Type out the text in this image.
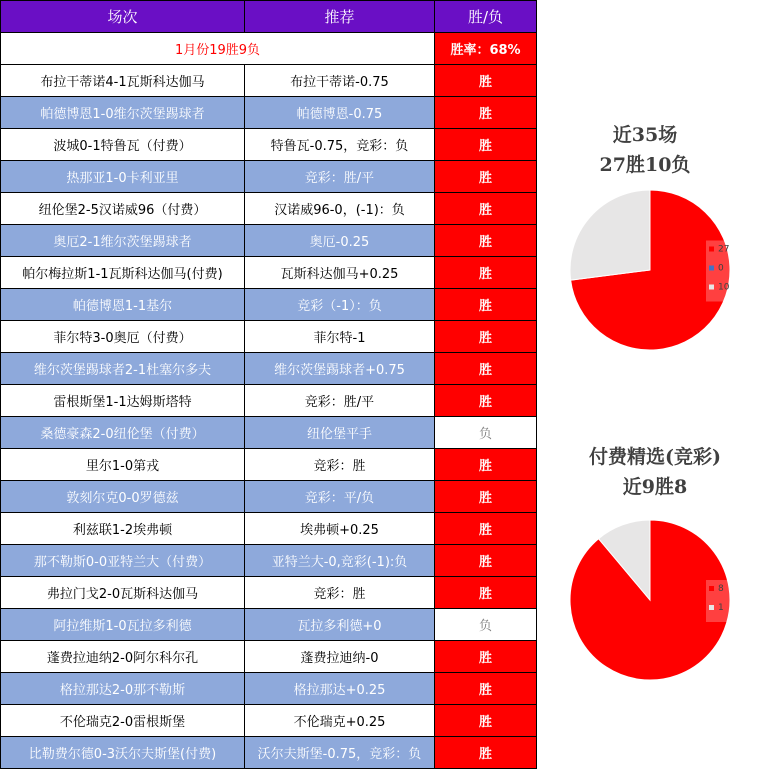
场次	推荐	胜/负
1月份19胜9负		胜率：68%
布拉干蒂诺4-1瓦斯科达伽马	布拉干蒂诺-0.75	胜
帕德博恩1-0维尔茨堡踢球者	帕德博恩-0.75	胜
波城0-1特鲁瓦（付费）	特鲁瓦-0.75，竞彩：负	胜
热那亚1-0卡利亚里	竞彩：胜/平	胜
纽伦堡2-5汉诺威96（付费）	汉诺威96-0，(-1)：负	胜
奥厄2-1维尔茨堡踢球者	奥厄-0.25	胜
帕尔梅拉斯1-1瓦斯科达伽马(付费)	瓦斯科达伽马+0.25	胜
帕德博恩1-1基尔	竞彩（-1）：负	胜
菲尔特3-0奥厄（付费）	菲尔特-1	胜
维尔茨堡踢球者2-1杜塞尔多夫	维尔茨堡踢球者+0.75	胜
雷根斯堡1-1达姆斯塔特	竞彩：胜/平	胜
桑德豪森2-0纽伦堡（付费）	纽伦堡平手	负
里尔1-0第戎	竞彩：胜	胜
敦刻尔克0-0罗德兹	竞彩：平/负	胜
利兹联1-2埃弗顿	埃弗顿+0.25	胜
那不勒斯0-0亚特兰大（付费）	亚特兰大-0,竞彩(-1):负	胜
弗拉门戈2-0瓦斯科达伽马	竞彩：胜	胜
阿拉维斯1-0瓦拉多利德	瓦拉多利德+0	负
蓬费拉迪纳2-0阿尔科尔孔	蓬费拉迪纳-0	胜
格拉那达2-0那不勒斯	格拉那达+0.25	胜
不伦瑞克2-0雷根斯堡	不伦瑞克+0.25	胜
比勒费尔德0-3沃尔夫斯堡(付费)	沃尔夫斯堡-0.75，竞彩：负	胜
近35场
27胜10负
27
0
10
付费精选(竞彩)
近9胜8
8
1
